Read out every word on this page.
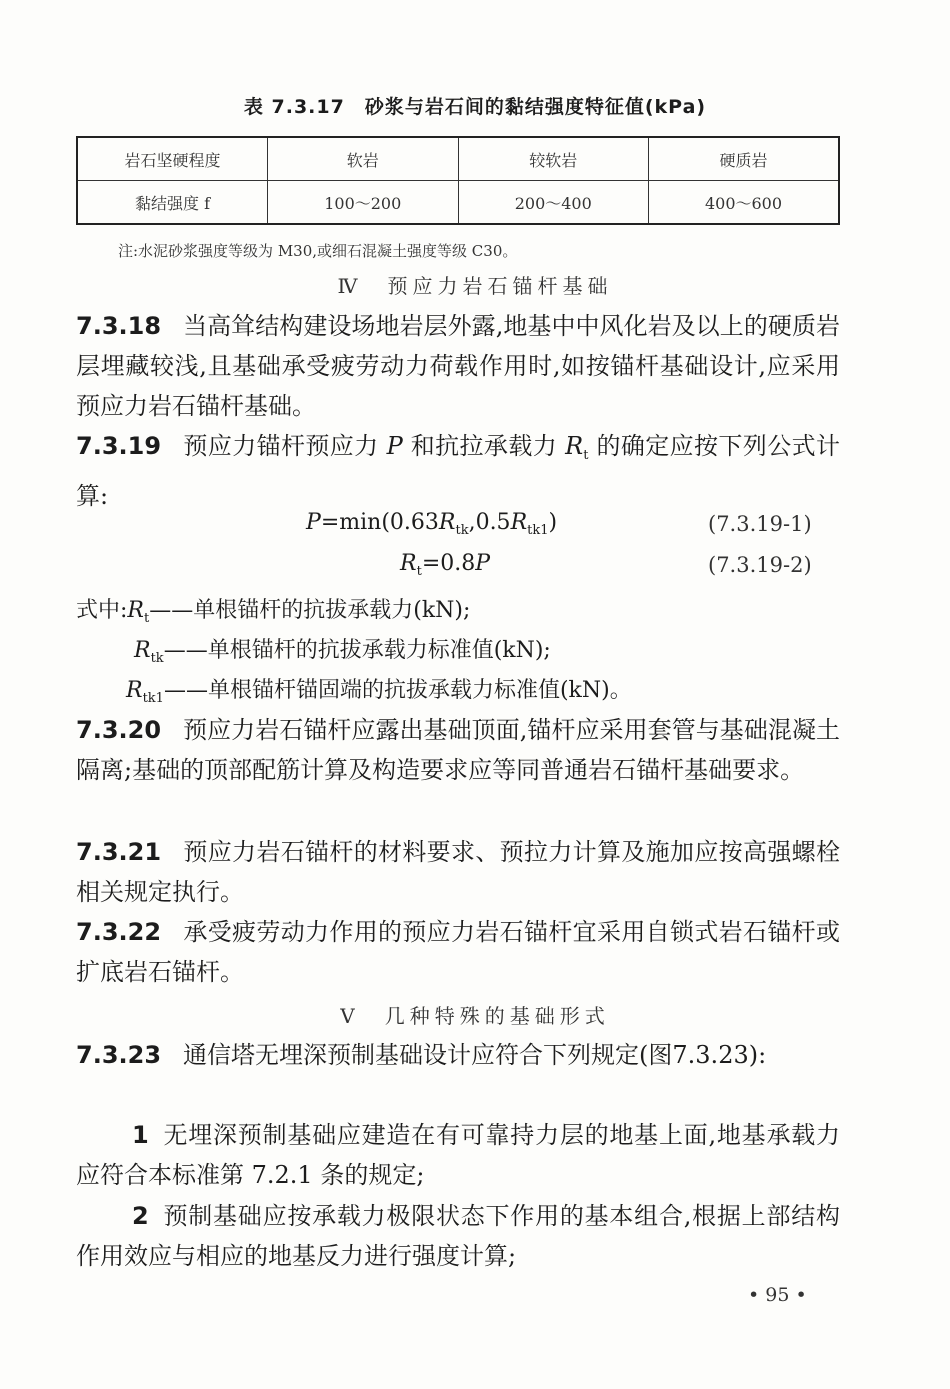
表 7.3.17　砂浆与岩石间的黏结强度特征值(kPa)
岩石坚硬程度	软岩	较软岩	硬质岩
黏结强度 f	100～200	200～400	400～600
注:水泥砂浆强度等级为 M30,或细石混凝土强度等级 C30。
Ⅳ　预应力岩石锚杆基础
7.3.18 当高耸结构建设场地岩层外露,地基中中风化岩及以上的硬质岩层埋藏较浅,且基础承受疲劳动力荷载作用时,如按锚杆基础设计,应采用预应力岩石锚杆基础。
7.3.19 预应力锚杆预应力 P 和抗拉承载力 $R_t$ 的确定应按下列公式计算:
$P=\min(0.63R_{tk},0.5R_{tk1})$	(7.3.19-1)
$R_t=0.8P$	(7.3.19-2)
式中$:R_t——$单根锚杆的抗拔承载力(kN);
$R_{tk}——$单根锚杆的抗拔承载力标准值(kN);
$R_{tk1}——$单根锚杆锚固端的抗拔承载力标准值(kN)。
7.3.20 预应力岩石锚杆应露出基础顶面,锚杆应采用套管与基础混凝土隔离;基础的顶部配筋计算及构造要求应等同普通岩石锚杆基础要求。
7.3.21 预应力岩石锚杆的材料要求、预拉力计算及施加应按高强螺栓相关规定执行。
7.3.22 承受疲劳动力作用的预应力岩石锚杆宜采用自锁式岩石锚杆或扩底岩石锚杆。
Ⅴ　几种特殊的基础形式
7.3.23 通信塔无埋深预制基础设计应符合下列规定(图7.3.23):
1 无埋深预制基础应建造在有可靠持力层的地基上面,地基承载力应符合本标准第 7.2.1 条的规定;
2 预制基础应按承载力极限状态下作用的基本组合,根据上部结构作用效应与相应的地基反力进行强度计算;
• 95 •
